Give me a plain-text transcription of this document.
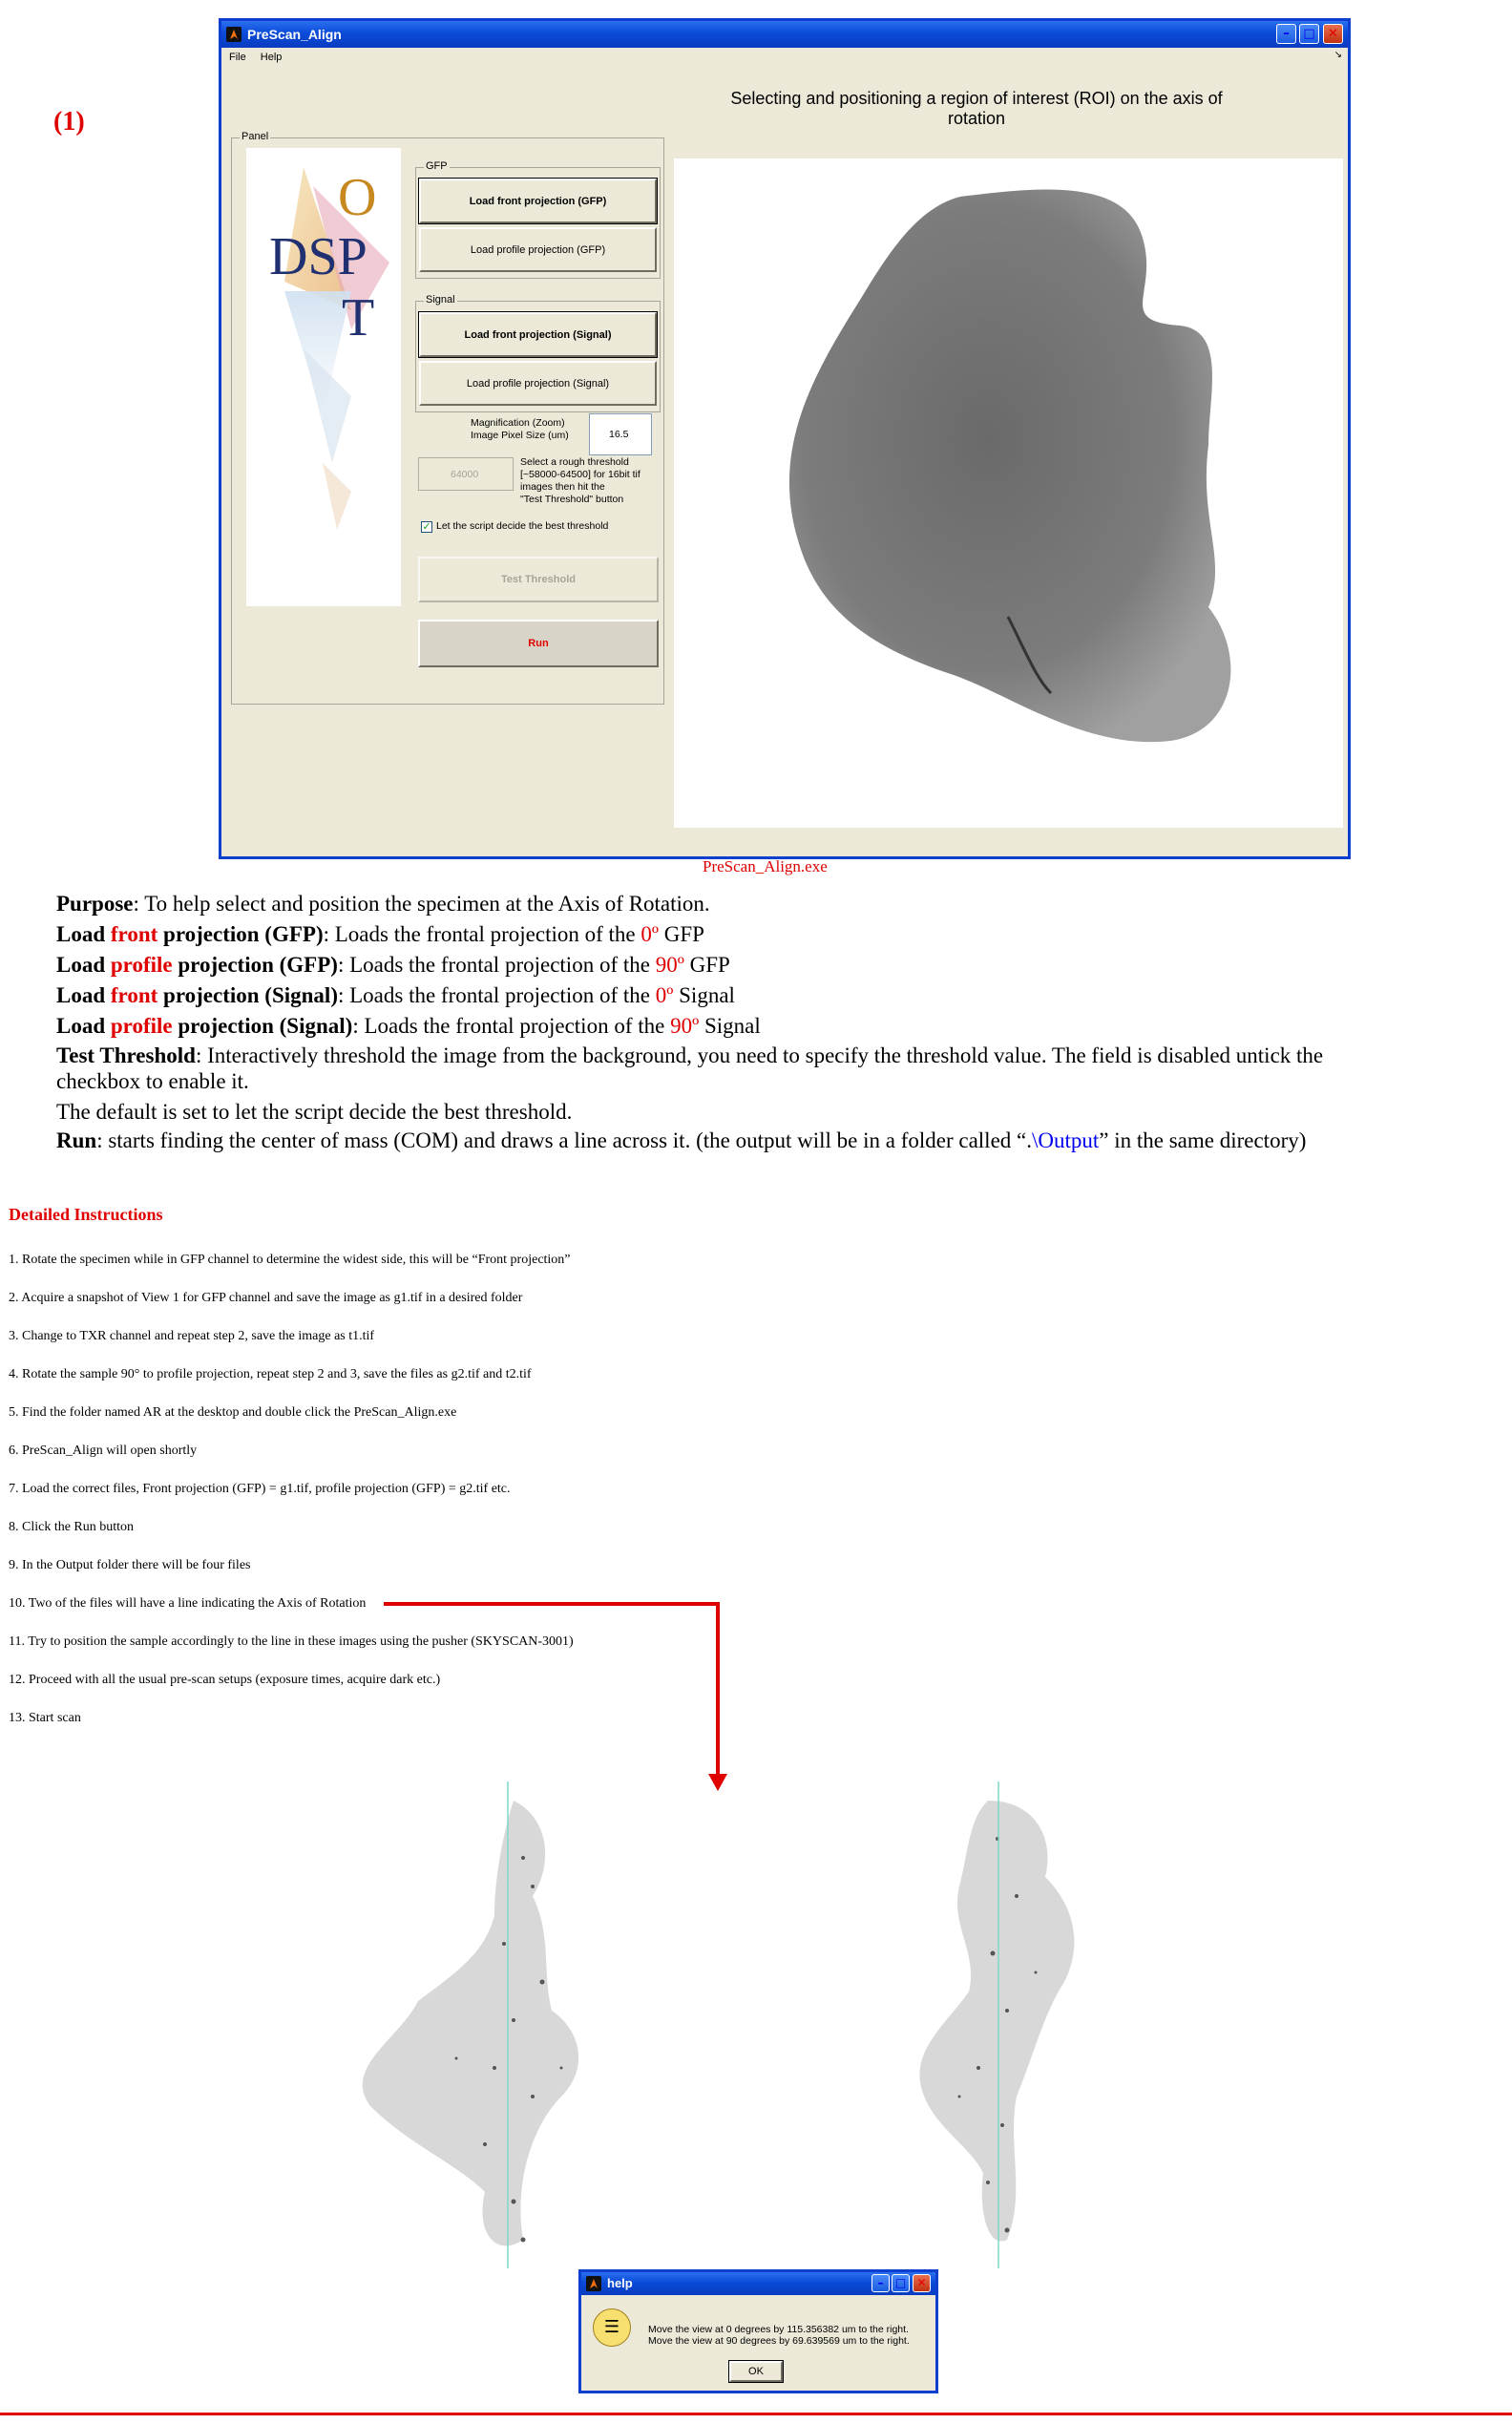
(1)
PreScan_Align	–	□	✕
File Help	↘
Selecting and positioning a region of interest (ROI) on the axis of rotation
Panel
O
DSP
T
GFP
Load front projection (GFP)
Load profile projection (GFP)
Signal
Load front projection (Signal)
Load profile projection (Signal)
Magnification (Zoom)
Image Pixel Size (um)	16.5
64000
Select a rough threshold
[~58000-64500] for 16bit tif
images then hit the
"Test Threshold" button
✓ Let the script decide the best threshold
Test Threshold
Run
PreScan_Align.exe
Purpose: To help select and position the specimen at the Axis of Rotation.
Load front projection (GFP): Loads the frontal projection of the 0º GFP
Load profile projection (GFP): Loads the frontal projection of the 90º GFP
Load front projection (Signal): Loads the frontal projection of the 0º Signal
Load profile projection (Signal): Loads the frontal projection of the 90º Signal
Test Threshold: Interactively threshold the image from the background, you need to specify the threshold value. The field is disabled untick the
checkbox to enable it.
The default is set to let the script decide the best threshold.
Run: starts finding the center of mass (COM) and draws a line across it. (the output will be in a folder called “.\Output” in the same directory)
Detailed Instructions
1. Rotate the specimen while in GFP channel to determine the widest side, this will be “Front projection”
2. Acquire a snapshot of View 1 for GFP channel and save the image as g1.tif in a desired folder
3. Change to TXR channel and repeat step 2, save the image as t1.tif
4. Rotate the sample 90° to profile projection, repeat step 2 and 3, save the files as g2.tif and t2.tif
5. Find the folder named AR at the desktop and double click the PreScan_Align.exe
6. PreScan_Align will open shortly
7. Load the correct files, Front projection (GFP) = g1.tif, profile projection (GFP) = g2.tif etc.
8. Click the Run button
9. In the Output folder there will be four files
10. Two of the files will have a line indicating the Axis of Rotation
11. Try to position the sample accordingly to the line in these images using the pusher (SKYSCAN-3001)
12. Proceed with all the usual pre-scan setups (exposure times, acquire dark etc.)
13. Start scan
help	–	□ ✕
☰	Move the view at 0 degrees by 115.356382 um to the right.
Move the view at 90 degrees by 69.639569 um to the right.
OK
